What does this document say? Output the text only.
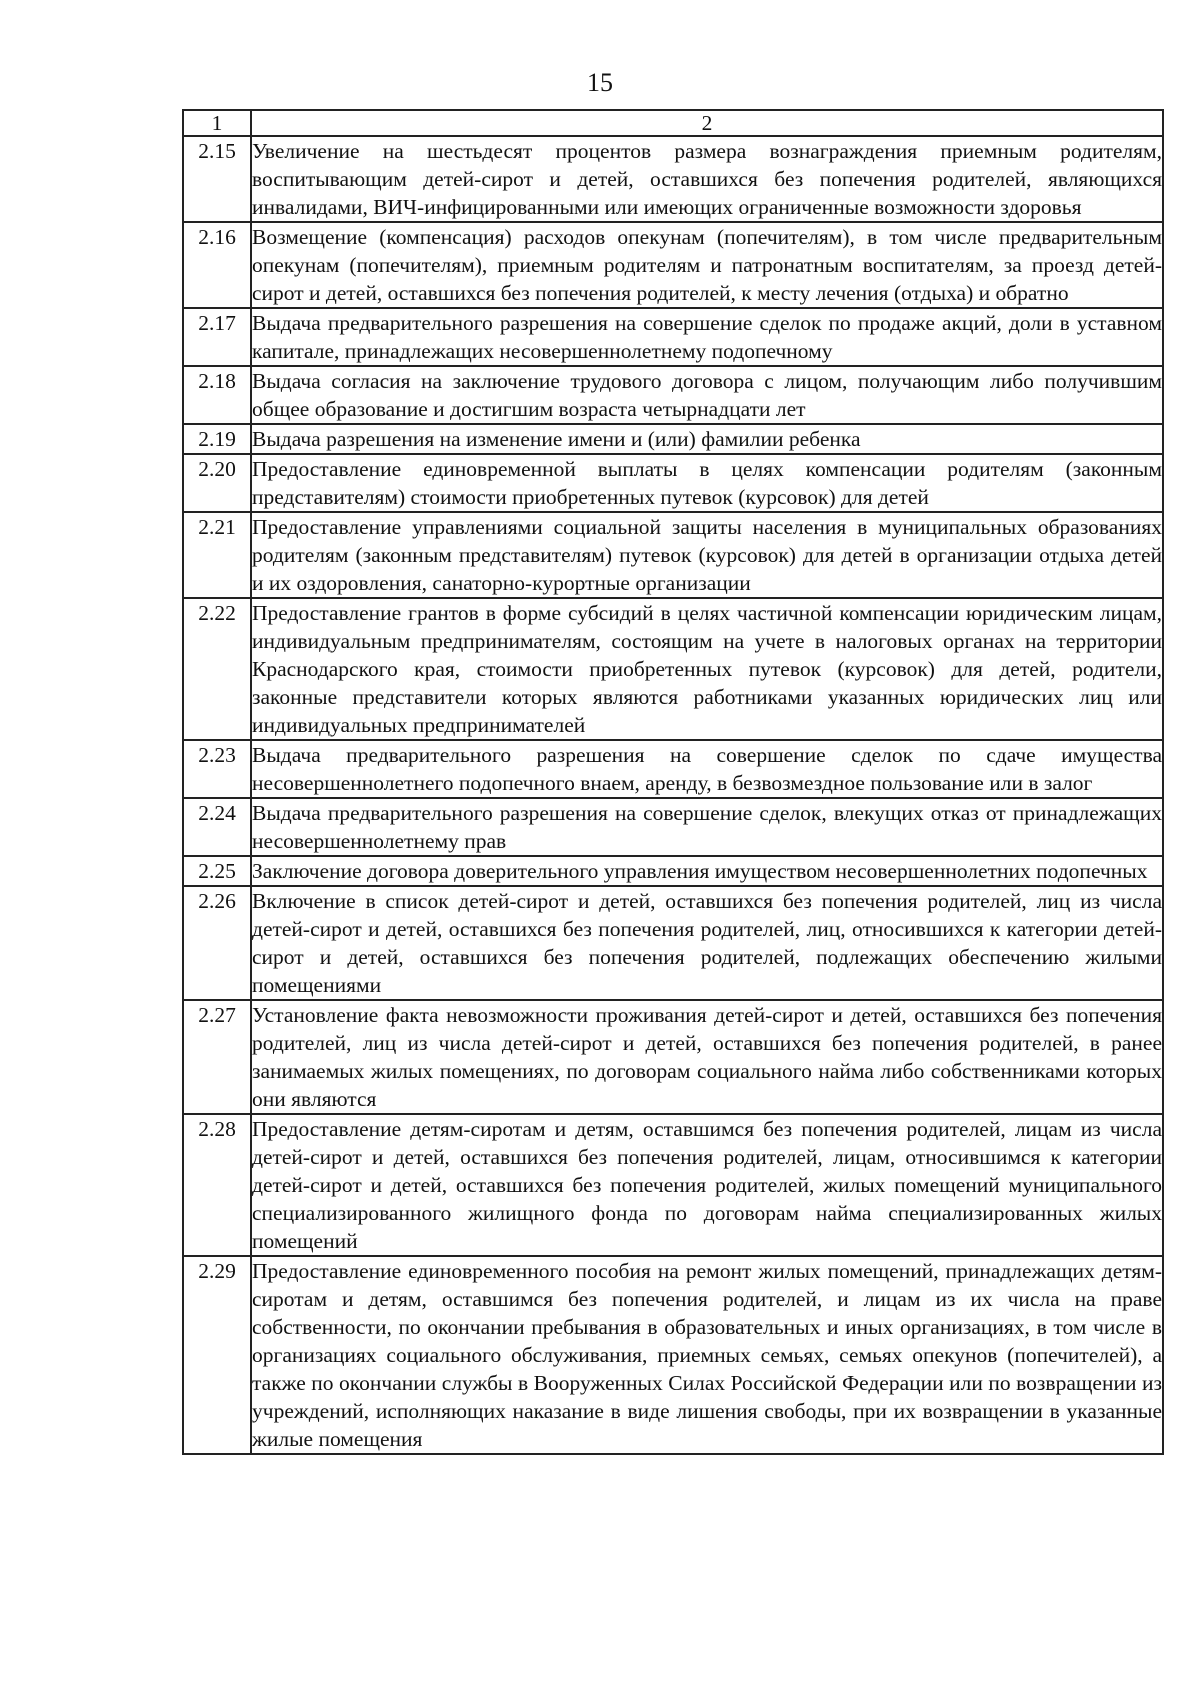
15
1	2
2.15	Увеличение на шестьдесят процентов размера вознаграждения приемным родителям, воспитывающим детей-сирот и детей, оставшихся без попечения родителей, являющихся инвалидами, ВИЧ-инфицированными или имеющих ограниченные возможности здоровья
2.16	Возмещение (компенсация) расходов опекунам (попечителям), в том числе предварительным опекунам (попечителям), приемным родителям и патронатным воспитателям, за проезд детей-сирот и детей, оставшихся без попечения родителей, к месту лечения (отдыха) и обратно
2.17	Выдача предварительного разрешения на совершение сделок по продаже акций, доли в уставном капитале, принадлежащих несовершеннолетнему подопечному
2.18	Выдача согласия на заключение трудового договора с лицом, получающим либо получившим общее образование и достигшим возраста четырнадцати лет
2.19	Выдача разрешения на изменение имени и (или) фамилии ребенка
2.20	Предоставление единовременной выплаты в целях компенсации родителям (законным представителям) стоимости приобретенных путевок (курсовок) для детей
2.21	Предоставление управлениями социальной защиты населения в муниципальных образованиях родителям (законным представителям) путевок (курсовок) для детей в организации отдыха детей и их оздоровления, санаторно-курортные организации
2.22	Предоставление грантов в форме субсидий в целях частичной компенсации юридическим лицам, индивидуальным предпринимателям, состоящим на учете в налоговых органах на территории Краснодарского края, стоимости приобретенных путевок (курсовок) для детей, родители, законные представители которых являются работниками указанных юридических лиц или индивидуальных предпринимателей
2.23	Выдача предварительного разрешения на совершение сделок по сдаче имущества несовершеннолетнего подопечного внаем, аренду, в безвозмездное пользование или в залог
2.24	Выдача предварительного разрешения на совершение сделок, влекущих отказ от принадлежащих несовершеннолетнему прав
2.25	Заключение договора доверительного управления имуществом несовершеннолетних подопечных
2.26	Включение в список детей-сирот и детей, оставшихся без попечения родителей, лиц из числа детей-сирот и детей, оставшихся без попечения родителей, лиц, относившихся к категории детей-сирот и детей, оставшихся без попечения родителей, подлежащих обеспечению жилыми помещениями
2.27	Установление факта невозможности проживания детей-сирот и детей, оставшихся без попечения родителей, лиц из числа детей-сирот и детей, оставшихся без попечения родителей, в ранее занимаемых жилых помещениях, по договорам социального найма либо собственниками которых они являются
2.28	Предоставление детям-сиротам и детям, оставшимся без попечения родителей, лицам из числа детей-сирот и детей, оставшихся без попечения родителей, лицам, относившимся к категории детей-сирот и детей, оставшихся без попечения родителей, жилых помещений муниципального специализированного жилищного фонда по договорам найма специализированных жилых помещений
2.29	Предоставление единовременного пособия на ремонт жилых помещений, принадлежащих детям-сиротам и детям, оставшимся без попечения родителей, и лицам из их числа на праве собственности, по окончании пребывания в образовательных и иных организациях, в том числе в организациях социального обслуживания, приемных семьях, семьях опекунов (попечителей), а также по окончании службы в Вооруженных Силах Российской Федерации или по возвращении из учреждений, исполняющих наказание в виде лишения свободы, при их возвращении в указанные жилые помещения
